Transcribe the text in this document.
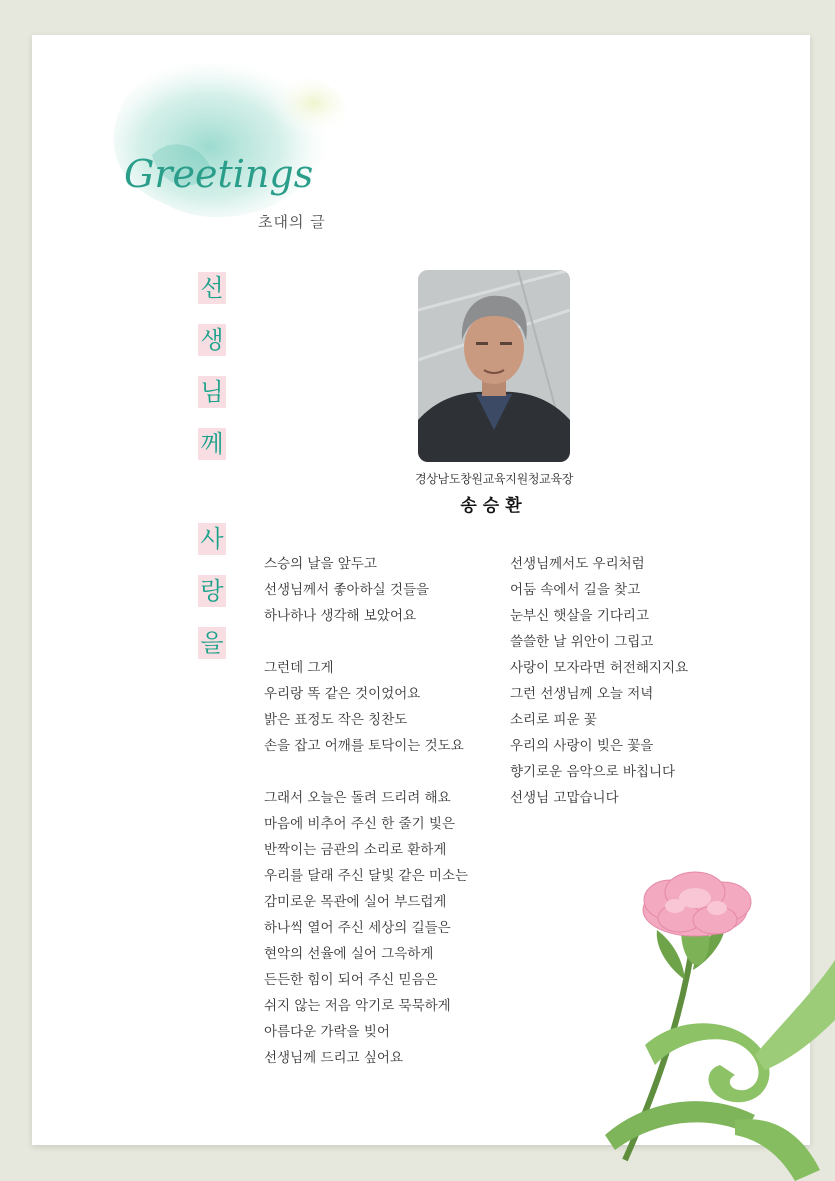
Greetings
초대의 글
선
생
님
께
사
랑
을
경상남도창원교육지원청교육장
송승환
스승의 날을 앞두고
선생님께서 좋아하실 것들을
하나하나 생각해 보았어요
그런데 그게
우리랑 똑 같은 것이었어요
밝은 표정도 작은 칭찬도
손을 잡고 어깨를 토닥이는 것도요
그래서 오늘은 돌려 드리려 해요
마음에 비추어 주신 한 줄기 빛은
반짝이는 금관의 소리로 환하게
우리를 달래 주신 달빛 같은 미소는
감미로운 목관에 실어 부드럽게
하나씩 열어 주신 세상의 길들은
현악의 선율에 실어 그윽하게
든든한 힘이 되어 주신 믿음은
쉬지 않는 저음 악기로 묵묵하게
아름다운 가락을 빚어
선생님께 드리고 싶어요
선생님께서도 우리처럼
어둠 속에서 길을 찾고
눈부신 햇살을 기다리고
쓸쓸한 날 위안이 그립고
사랑이 모자라면 허전해지지요
그런 선생님께 오늘 저녁
소리로 피운 꽃
우리의 사랑이 빚은 꽃을
향기로운 음악으로 바칩니다
선생님 고맙습니다
